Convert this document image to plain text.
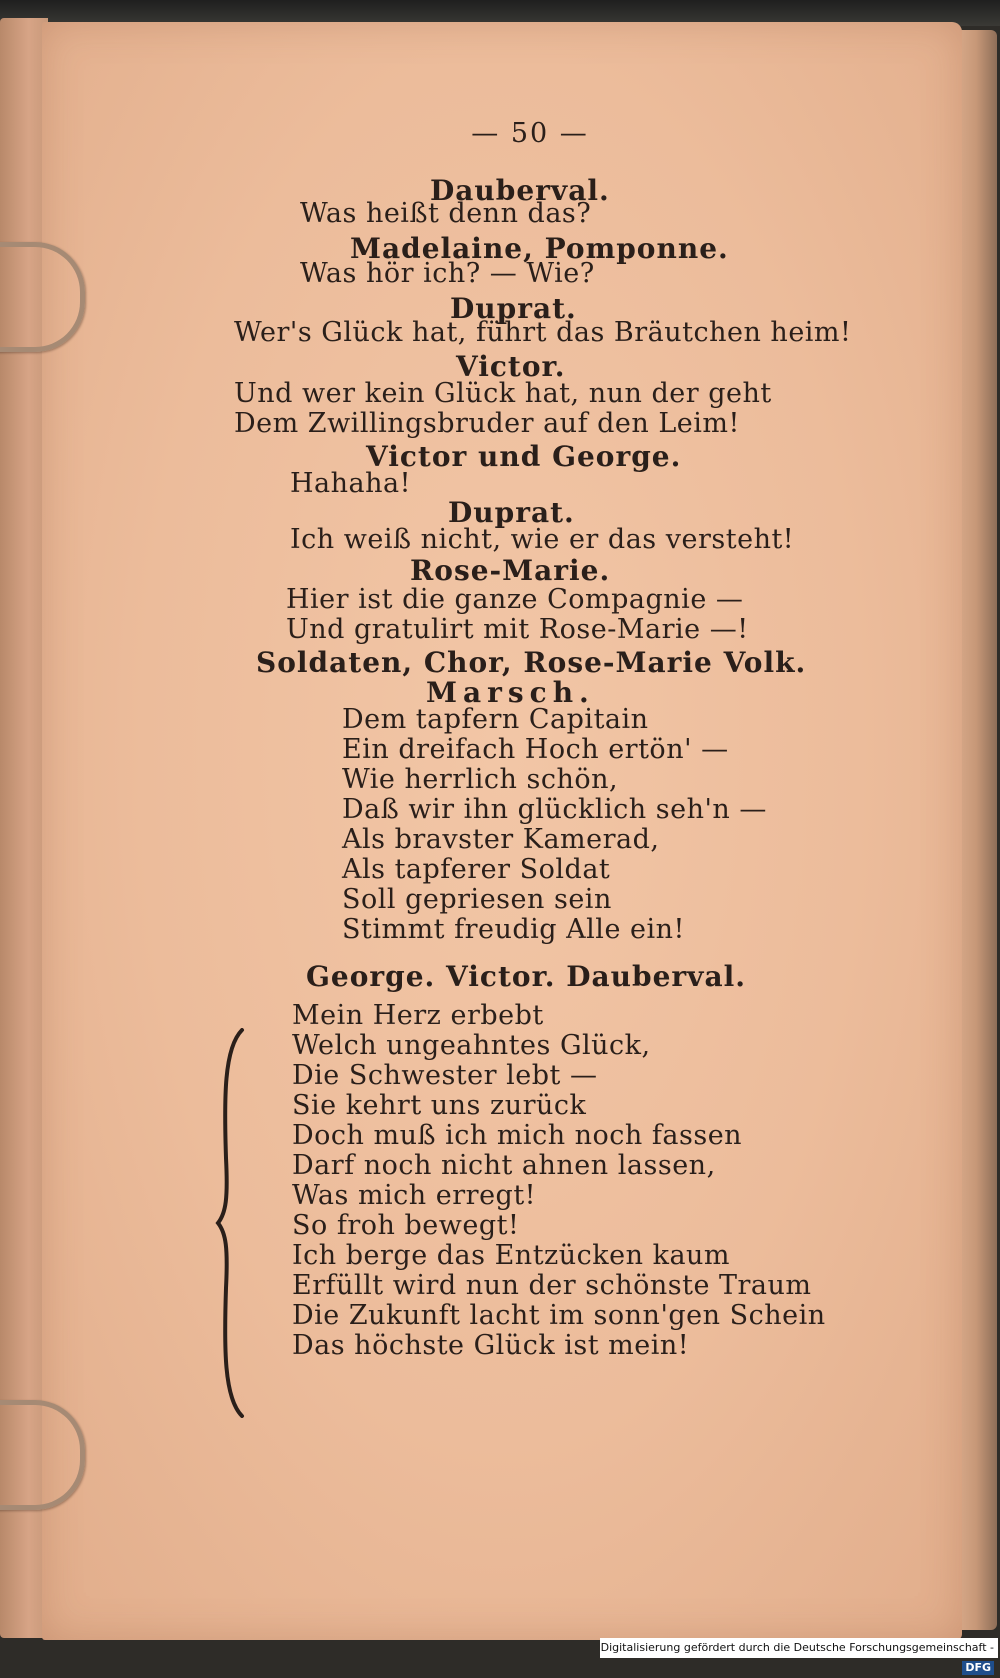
— 50 —
Dauberval.
Was heißt denn das?
Madelaine, Pomponne.
Was hör ich? — Wie?
Duprat.
Wer's Glück hat, führt das Bräutchen heim!
Victor.
Und wer kein Glück hat, nun der geht
Dem Zwillingsbruder auf den Leim!
Victor und George.
Hahaha!
Duprat.
Ich weiß nicht, wie er das versteht!
Rose-Marie.
Hier ist die ganze Compagnie —
Und gratulirt mit Rose-Marie —!
Soldaten, Chor, Rose-Marie Volk.
Marsch.
Dem tapfern Capitain
Ein dreifach Hoch ertön' —
Wie herrlich schön,
Daß wir ihn glücklich seh'n —
Als bravster Kamerad,
Als tapferer Soldat
Soll gepriesen sein
Stimmt freudig Alle ein!
George. Victor. Dauberval.
Mein Herz erbebt
Welch ungeahntes Glück,
Die Schwester lebt —
Sie kehrt uns zurück
Doch muß ich mich noch fassen
Darf noch nicht ahnen lassen,
Was mich erregt!
So froh bewegt!
Ich berge das Entzücken kaum
Erfüllt wird nun der schönste Traum
Die Zukunft lacht im sonn'gen Schein
Das höchste Glück ist mein!
Digitalisierung gefördert durch die Deutsche Forschungsgemeinschaft -DFG
